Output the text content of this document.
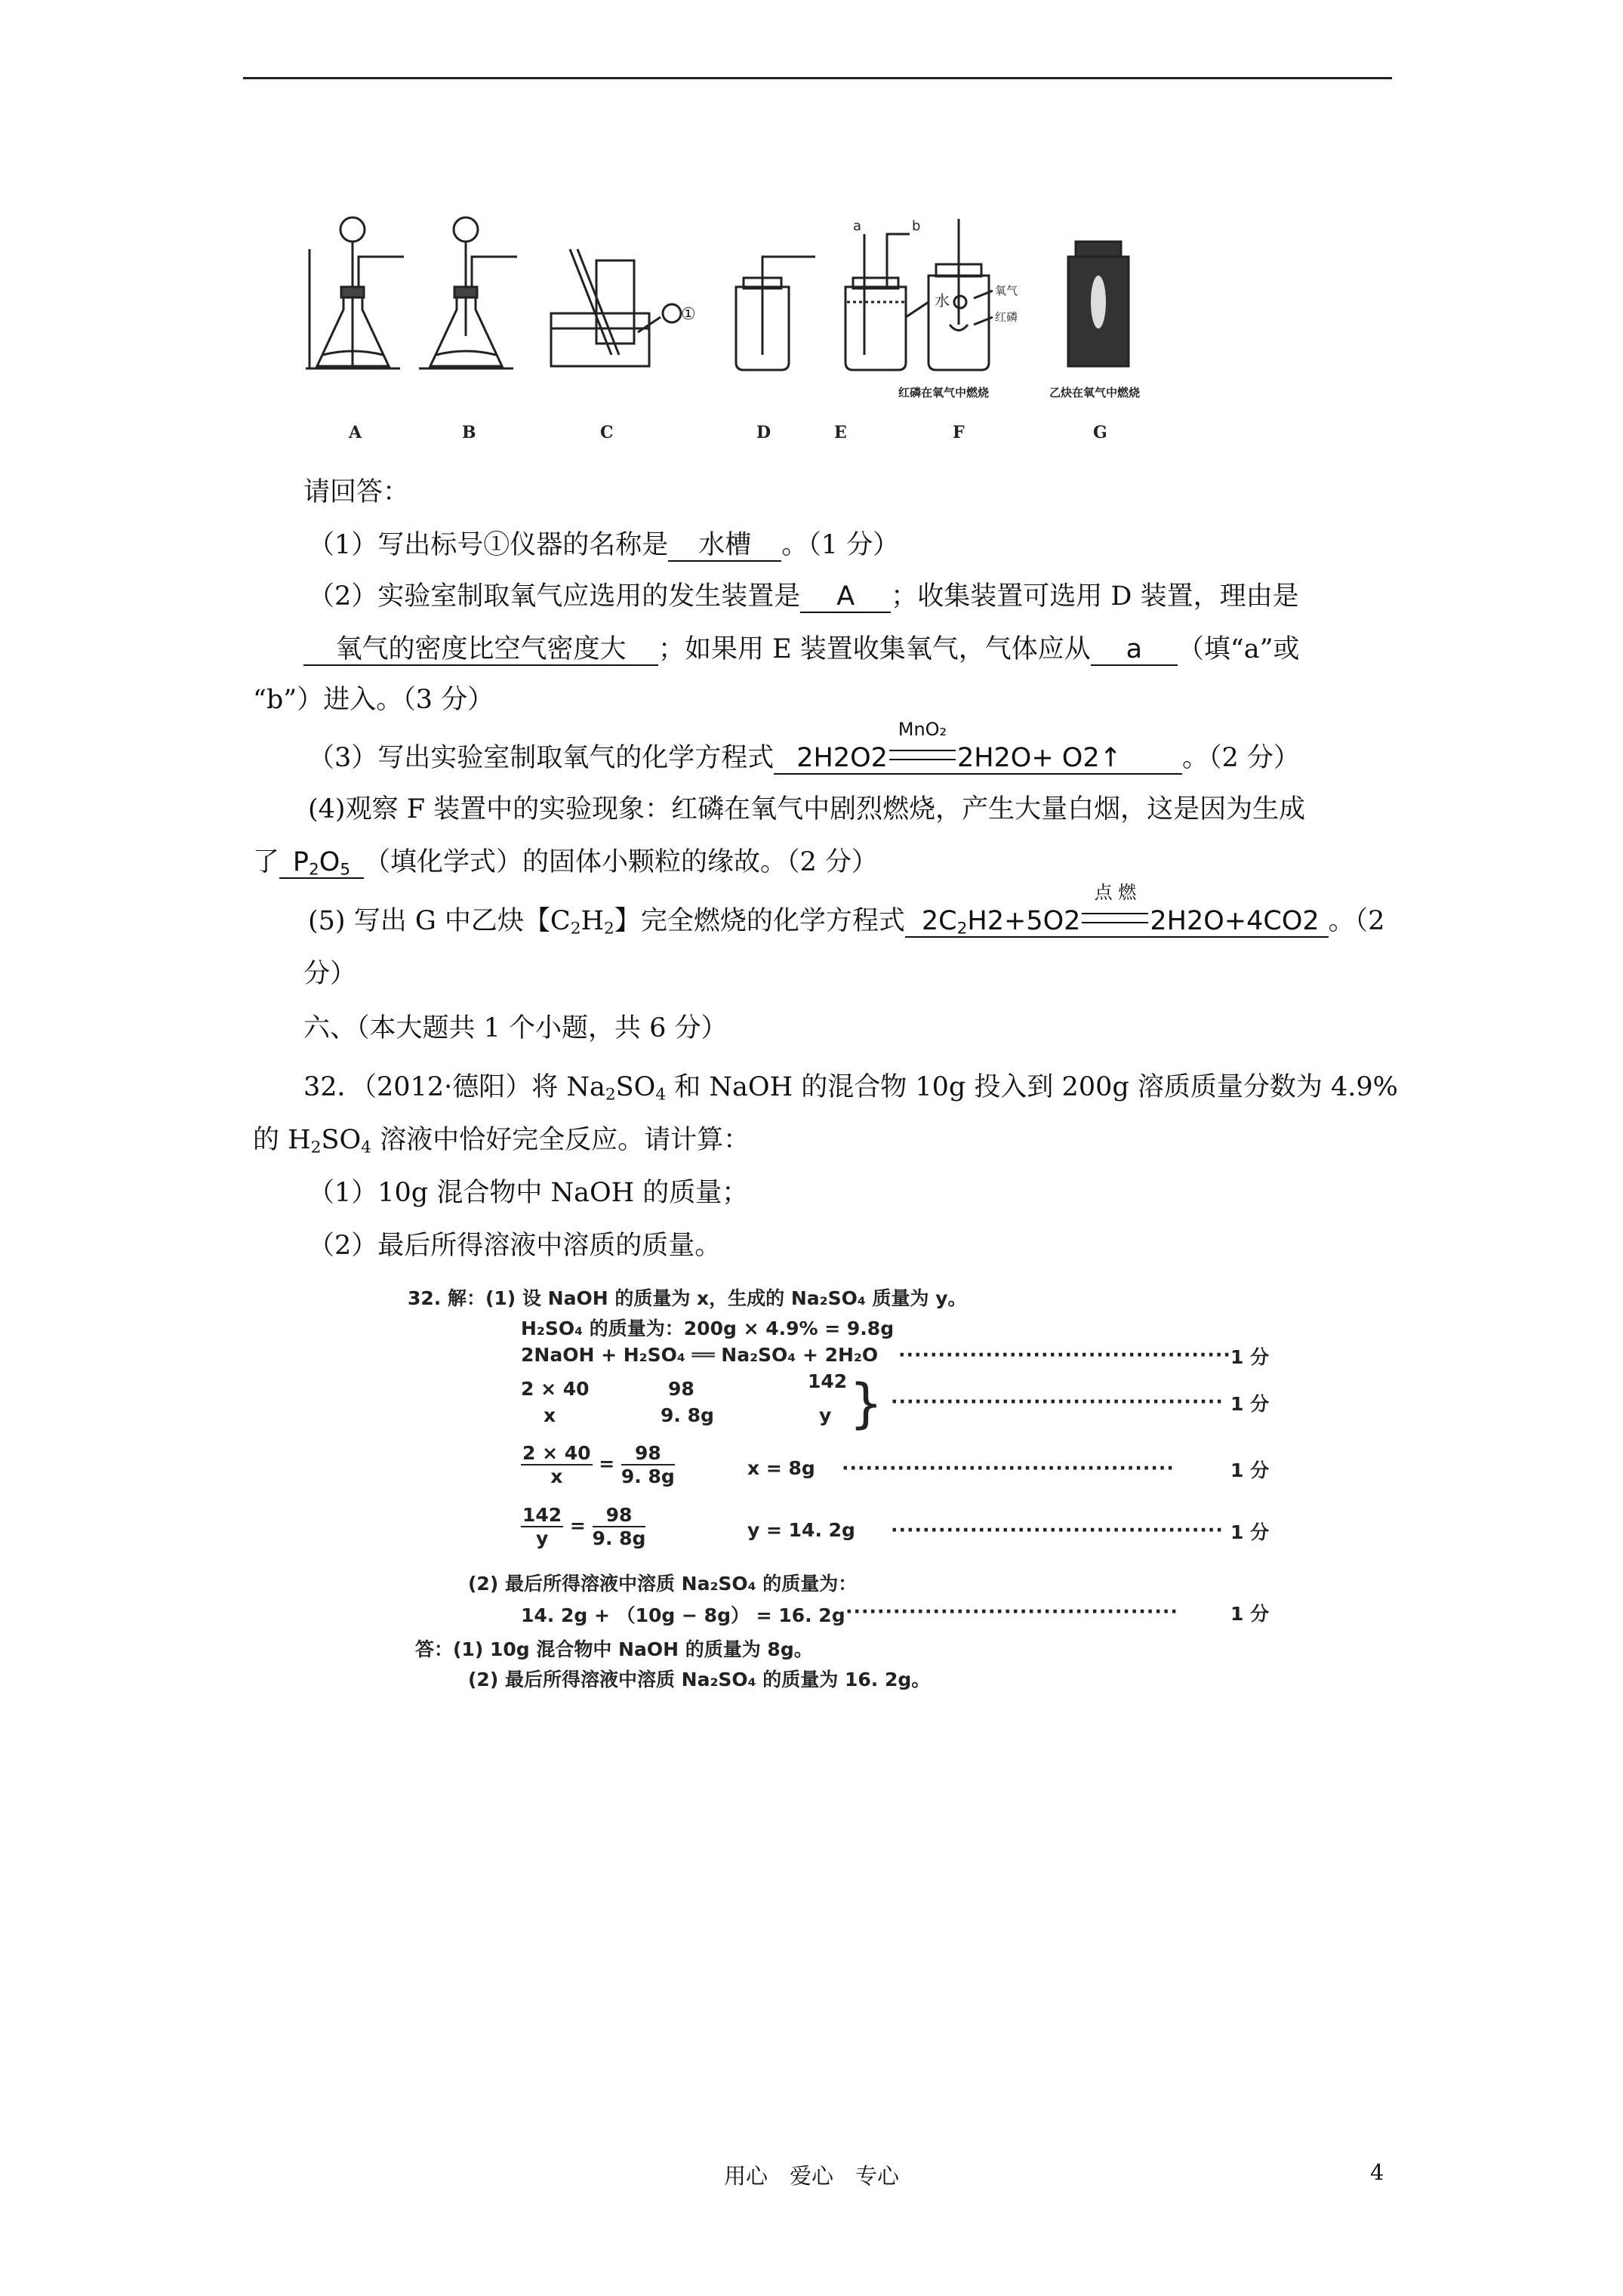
①
水
a	b
氧气
红磷
红磷在氧气中燃烧	乙炔在氧气中燃烧
A	B	C	D	E	F	G
请回答：
（1）写出标号①仪器的名称是 水槽 。（1 分）
（2）实验室制取氧气应选用的发生装置是 A ；收集装置可选用 D 装置，理由是
氧气的密度比空气密度大 ；如果用 E 装置收集氧气，气体应从 a （填“a”或
“b”）进入。（3 分）
（3）写出实验室制取氧气的化学方程式 2H2O2
MnO₂
2H2O+ O2↑   。（2 分）
(4)观察 F 装置中的实验现象：红磷在氧气中剧烈燃烧，产生大量白烟，这是因为生成
了 $P_2O_5$ （填化学式）的固体小颗粒的缘故。（2 分）
(5) 写出 G 中乙炔【$C_2H_2$】完全燃烧的化学方程式 $2C_2H2+5O2$
点 燃
2H2O+4CO2 。（2
分）
六、（本大题共 1 个小题，共 6 分）
32．（2012·德阳）将 $Na_2SO_4$ 和 NaOH 的混合物 10g 投入到 200g 溶质质量分数为 4.9%
的 $H_2SO_4$ 溶液中恰好完全反应。请计算：
（1）10g 混合物中 NaOH 的质量；
（2）最后所得溶液中溶质的质量。
32. 解：(1) 设 NaOH 的质量为 x，生成的 Na₂SO₄ 质量为 y。
H₂SO₄ 的质量为：200g × 4.9% = 9.8g
2NaOH + H₂SO₄ ══ Na₂SO₄ + 2H₂O ·········································· 1 分
2 × 40	98	142
x	9. 8g	y } ·········································· 1 分
$\frac{2 \times 40}{x} = \frac{98}{9. 8g}$	x = 8g ··········································	1 分
$\frac{142}{y} = \frac{98}{9. 8g}$	y = 14. 2g ·········································· 1 分
(2) 最后所得溶液中溶质 Na₂SO₄ 的质量为：
14. 2g + （10g − 8g） = 16. 2g ··········································	1 分
答：(1) 10g 混合物中 NaOH 的质量为 8g。
(2) 最后所得溶液中溶质 Na₂SO₄ 的质量为 16. 2g。
用心　爱心　专心	4
